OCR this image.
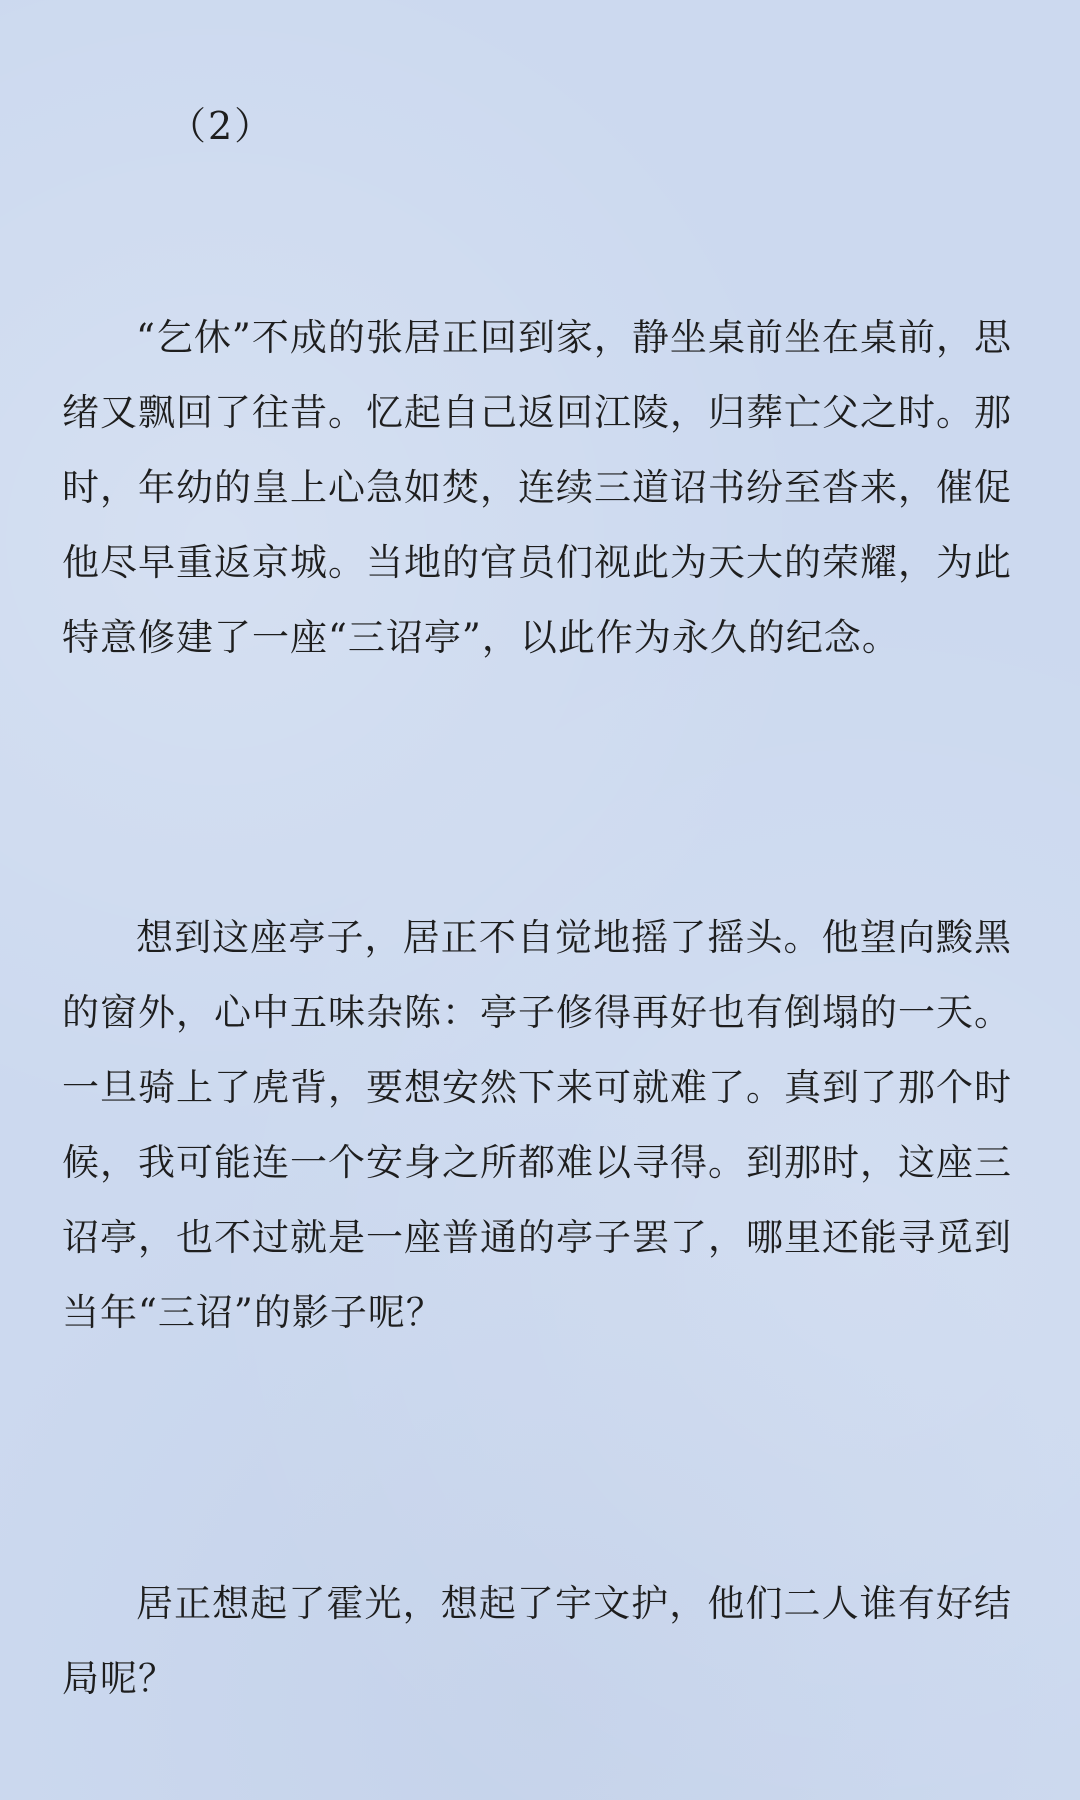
（2）

“乞休”不成的张居正回到家，静坐桌前坐在桌前，思绪又飘回了往昔。忆起自己返回江陵，归葬亡父之时。那时，年幼的皇上心急如焚，连续三道诏书纷至沓来，催促他尽早重返京城。当地的官员们视此为天大的荣耀，为此特意修建了一座“三诏亭”，以此作为永久的纪念。

想到这座亭子，居正不自觉地摇了摇头。他望向黢黑的窗外，心中五味杂陈：亭子修得再好也有倒塌的一天。一旦骑上了虎背，要想安然下来可就难了。真到了那个时候，我可能连一个安身之所都难以寻得。到那时，这座三诏亭，也不过就是一座普通的亭子罢了，哪里还能寻觅到当年“三诏”的影子呢？

居正想起了霍光，想起了宇文护，他们二人谁有好结局呢？
